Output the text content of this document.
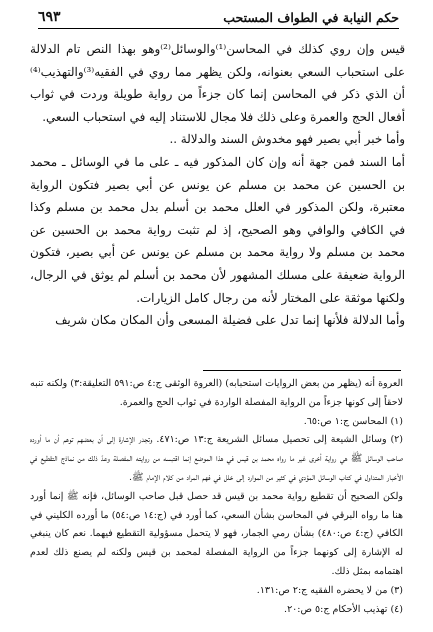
حكم النيابة في الطواف المستحب
٦٩٣

قيس وإن روي كذلك في المحاسن⁽¹⁾والوسائل⁽²⁾وهو بهذا النص تام الدلالة على استحباب السعي بعنوانه، ولكن يظهر مما روي في الفقيه⁽³⁾والتهذيب⁽⁴⁾أن الذي ذكر في المحاسن إنما كان جزءاً من رواية طويلة وردت في ثواب أفعال الحج والعمرة وعلى ذلك فلا مجال للاستناد إليه في استحباب السعي.

وأما خبر أبي بصير فهو مخدوش السند والدلالة ..

أما السند فمن جهة أنه وإن كان المذكور فيه ـ على ما في الوسائل ـ محمد بن الحسين عن محمد بن مسلم عن يونس عن أبي بصير فتكون الرواية معتبرة، ولكن المذكور في العلل محمد بن أسلم بدل محمد بن مسلم وكذا في الكافي والوافي وهو الصحيح، إذ لم تثبت رواية محمد بن الحسين عن محمد بن مسلم ولا رواية محمد بن مسلم عن يونس عن أبي بصير، فتكون الرواية ضعيفة على مسلك المشهور لأن محمد بن أسلم لم يوثق في الرجال، ولكنها موثقة على المختار لأنه من رجال كامل الزيارات.

وأما الدلالة فلأنها إنما تدل على فضيلة المسعى وأن المكان مكان شريف

العروة أنه (يظهر من بعض الروايات استحبابه) (العروة الوثقى ج:٤ ص:٥٩١ التعليقة:٣) ولكنه تنبه لاحقاً إلى كونها جزءاً من الرواية المفصلة الواردة في ثواب الحج والعمرة.

(١) المحاسن ج:١ ص:٦٥.

(٢) وسائل الشيعة إلى تحصيل مسائل الشريعة ج:١٣ ص:٤٧١. وتجدر الإشارة إلى أن بعضهم توهم أن ما أورده صاحب الوسائل ﷺ هي رواية أخرى غير ما رواه محمد بن قيس في هذا الموضع إنما اقتبسه من روايته المفصلة وعدّ ذلك من نماذج التقطيع في الأخبار المتداول في كتاب الوسائل المؤدي في كثير من الموارد إلى خلل في فهم المراد من كلام الإمام ﷺ.

ولكن الصحيح أن تقطيع رواية محمد بن قيس قد حصل قبل صاحب الوسائل، فإنه ﷺ إنما أورد هنا ما رواه البرقي في المحاسن بشأن السعي، كما أورد في (ج:١٤ ص:٥٤) ما أورده الكليني في الكافي (ج:٤ ص:٤٨٠) بشأن رمي الجمار، فهو لا يتحمل مسؤولية التقطيع فيهما. نعم كان ينبغي له الإشارة إلى كونهما جزءاً من الرواية المفصلة لمحمد بن قيس ولكنه لم يصنع ذلك لعدم اهتمامه بمثل ذلك.

(٣) من لا يحضره الفقيه ج:٢ ص:١٣١.

(٤) تهذيب الأحكام ج:٥ ص:٢٠.
